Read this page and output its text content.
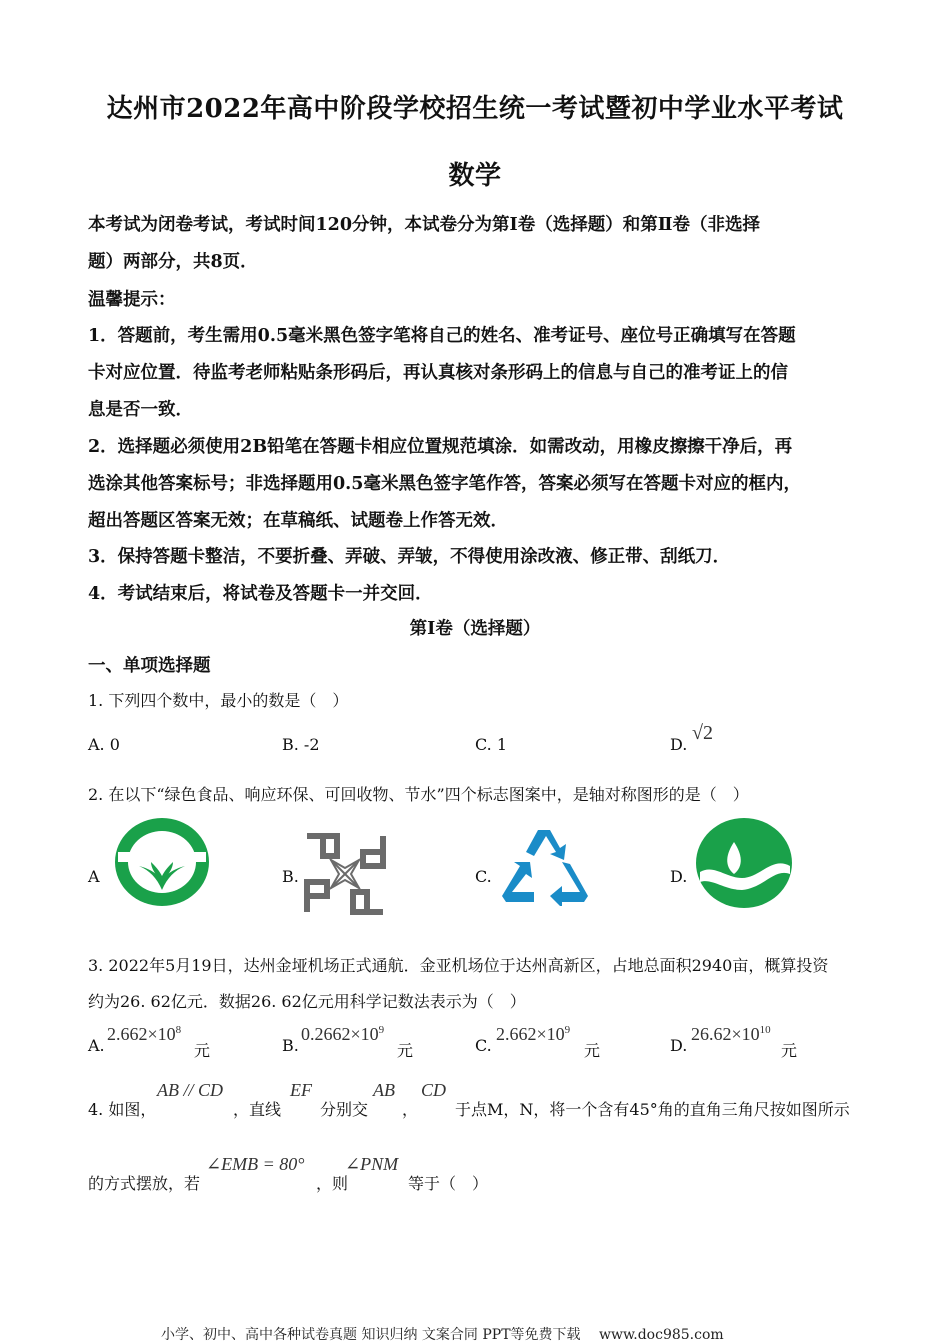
达州市2022年高中阶段学校招生统一考试暨初中学业水平考试
数学
本考试为闭卷考试，考试时间120分钟，本试卷分为第Ⅰ卷（选择题）和第Ⅱ卷（非选择
题）两部分，共8页．
温馨提示：
1．答题前，考生需用0.5毫米黑色签字笔将自己的姓名、准考证号、座位号正确填写在答题
卡对应位置．待监考老师粘贴条形码后，再认真核对条形码上的信息与自己的准考证上的信
息是否一致．
2．选择题必须使用2B铅笔在答题卡相应位置规范填涂．如需改动，用橡皮擦擦干净后，再
选涂其他答案标号；非选择题用0.5毫米黑色签字笔作答，答案必须写在答题卡对应的框内，
超出答题区答案无效；在草稿纸、试题卷上作答无效．
3．保持答题卡整洁，不要折叠、弄破、弄皱，不得使用涂改液、修正带、刮纸刀．
4．考试结束后，将试卷及答题卡一并交回．
第Ⅰ卷（选择题）
一、单项选择题
1. 下列四个数中，最小的数是（　）
A. 0	B. -2	C. 1	D.
√2
2. 在以下“绿色食品、响应环保、可回收物、节水”四个标志图案中，是轴对称图形的是（　）
A	B.	C.	D.
3. 2022年5月19日，达州金垭机场正式通航．金亚机场位于达州高新区，占地总面积2940亩，概算投资
约为26. 62亿元．数据26. 62亿元用科学记数法表示为（　）
A.
$2.662\times 10^8$
元	B.
$0.2662\times 10^9$
元	C.
$2.662\times 10^9$
元	D.
$26.62\times 10^{10}$
元
4. 如图，
AB // CD
，直线
EF
分别交
AB
，
CD
于点M，N，将一个含有45°角的直角三角尺按如图所示
的方式摆放，若
∠EMB = 80°
，则
∠PNM
等于（　）
小学、初中、高中各种试卷真题 知识归纳 文案合同 PPT等免费下载　 www.doc985.com
